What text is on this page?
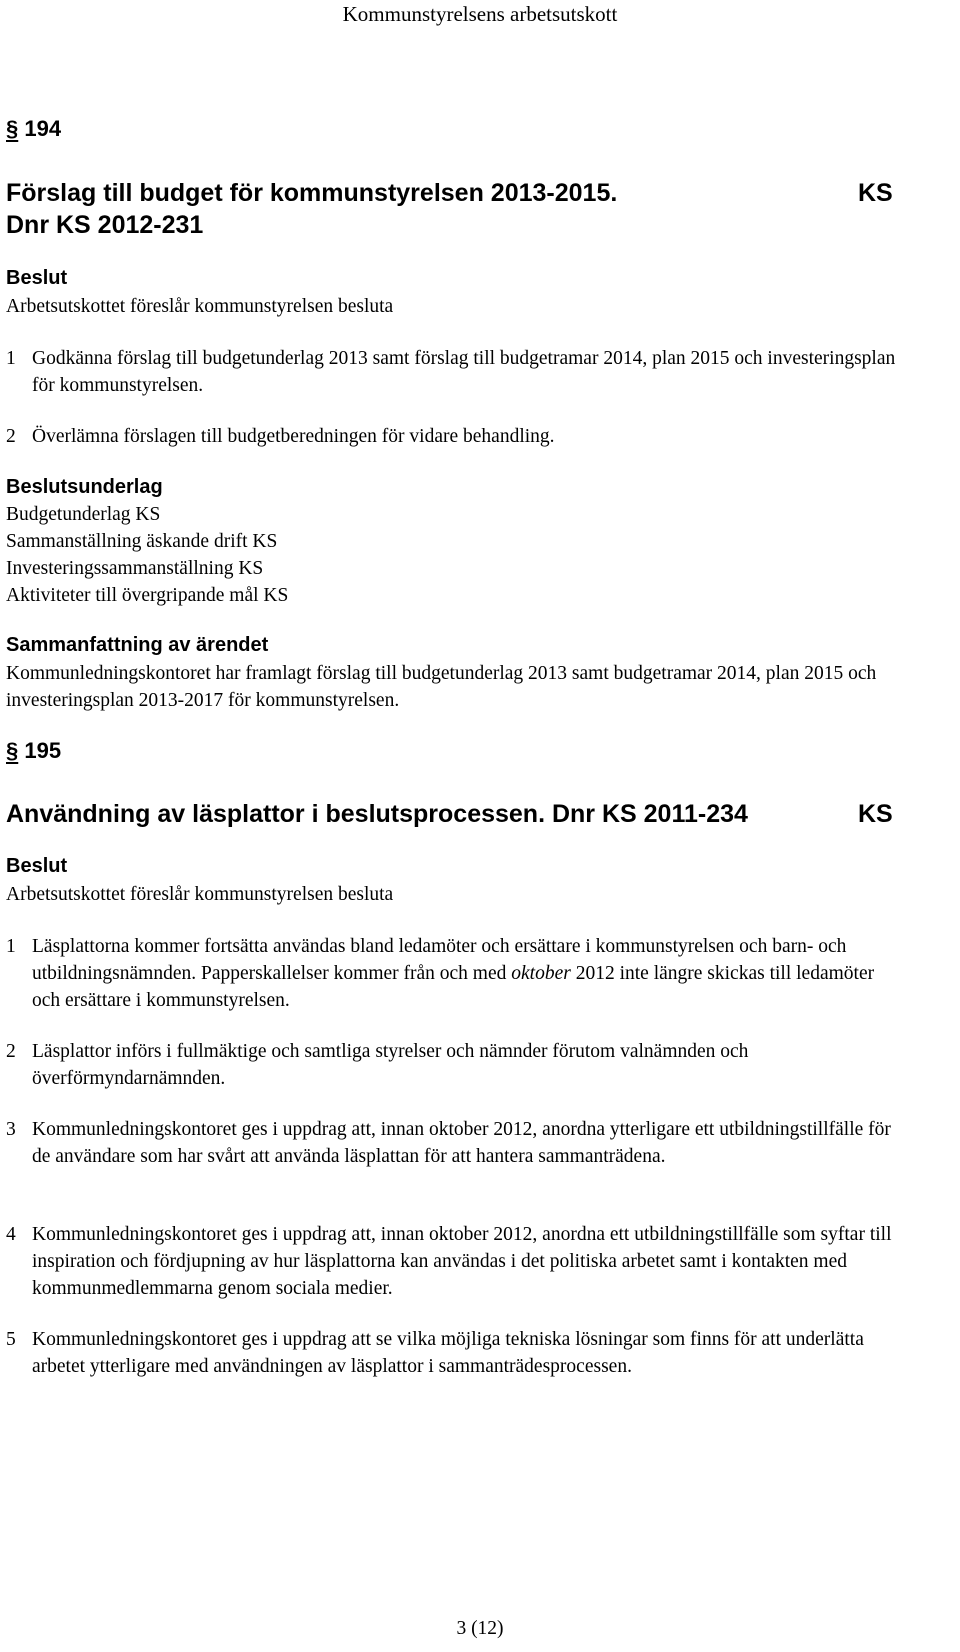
Kommunstyrelsens arbetsutskott
§ 194
Förslag till budget för kommunstyrelsen 2013-2015.	KS
Dnr KS 2012-231
Beslut
Arbetsutskottet föreslår kommunstyrelsen besluta
1 Godkänna förslag till budgetunderlag 2013 samt förslag till budgetramar 2014, plan 2015 och investeringsplan för kommunstyrelsen.
2 Överlämna förslagen till budgetberedningen för vidare behandling.
Beslutsunderlag
Budgetunderlag KS
Sammanställning äskande drift KS
Investeringssammanställning KS
Aktiviteter till övergripande mål KS
Sammanfattning av ärendet
Kommunledningskontoret har framlagt förslag till budgetunderlag 2013 samt budgetramar 2014, plan 2015 och investeringsplan 2013-2017 för kommunstyrelsen.
§ 195
Användning av läsplattor i beslutsprocessen. Dnr KS 2011-234	KS
Beslut
Arbetsutskottet föreslår kommunstyrelsen besluta
1 Läsplattorna kommer fortsätta användas bland ledamöter och ersättare i kommunstyrelsen och barn- och utbildningsnämnden. Papperskallelser kommer från och med oktober 2012 inte längre skickas till ledamöter och ersättare i kommunstyrelsen.
2 Läsplattor införs i fullmäktige och samtliga styrelser och nämnder förutom valnämnden och överförmyndarnämnden.
3 Kommunledningskontoret ges i uppdrag att, innan oktober 2012, anordna ytterligare ett utbildningstillfälle för de användare som har svårt att använda läsplattan för att hantera sammanträdena.
4 Kommunledningskontoret ges i uppdrag att, innan oktober 2012, anordna ett utbildningstillfälle som syftar till inspiration och fördjupning av hur läsplattorna kan användas i det politiska arbetet samt i kontakten med kommunmedlemmarna genom sociala medier.
5 Kommunledningskontoret ges i uppdrag att se vilka möjliga tekniska lösningar som finns för att underlätta arbetet ytterligare med användningen av läsplattor i sammanträdesprocessen.
3 (12)
